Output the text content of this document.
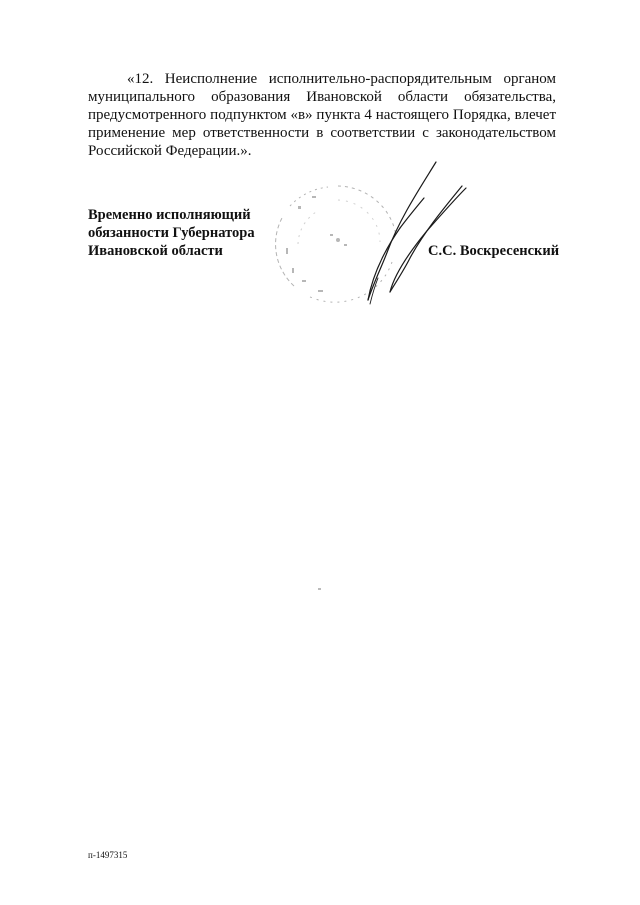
«12. Неисполнение исполнительно-распорядительным органом
муниципального образования Ивановской области обязательства,
предусмотренного подпунктом «в» пункта 4 настоящего Порядка, влечет
применение мер ответственности в соответствии с законодательством
Российской Федерации.».
Временно исполняющий
обязанности Губернатора
Ивановской области	С.С. Воскресенский
п-1497315
